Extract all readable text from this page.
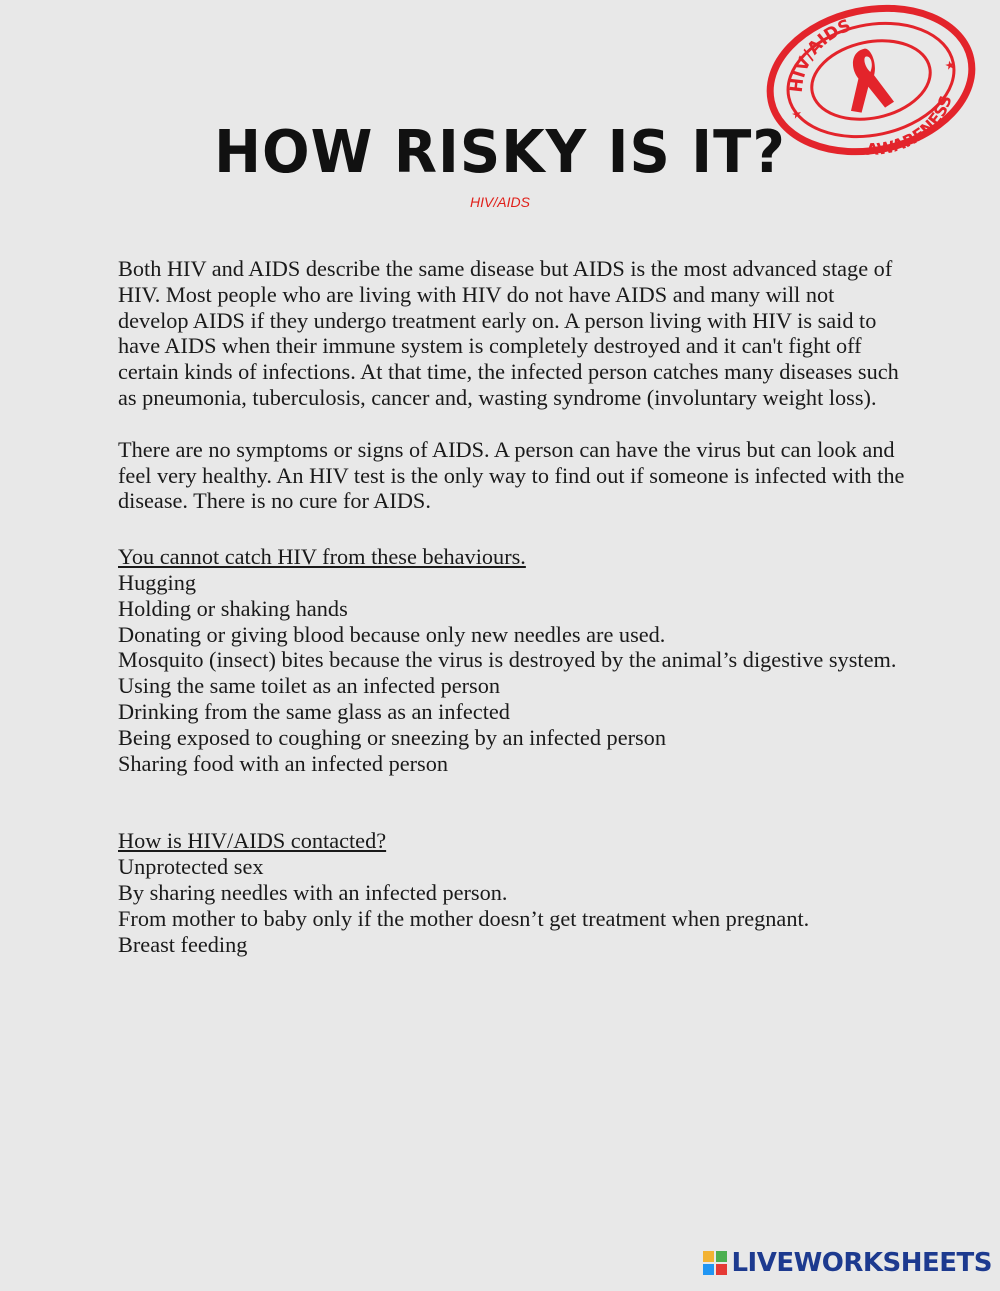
HIV/AIDS
AWARENESS
★
★
HOW RISKY IS IT?
HIV/AIDS

Both HIV and AIDS describe the same disease but AIDS is the most advanced stage of HIV. Most people who are living with HIV do not have AIDS and many will not develop AIDS if they undergo treatment early on. A person living with HIV is said to have AIDS when their immune system is completely destroyed and it can't fight off certain kinds of infections. At that time, the infected person catches many diseases such as pneumonia, tuberculosis, cancer and, wasting syndrome (involuntary weight loss).

There are no symptoms or signs of AIDS. A person can have the virus but can look and feel very healthy. An HIV test is the only way to find out if someone is infected with the disease. There is no cure for AIDS.

You cannot catch HIV from these behaviours.

Hugging

Holding or shaking hands

Donating or giving blood because only new needles are used.

Mosquito (insect) bites because the virus is destroyed by the animal’s digestive system.

Using the same toilet as an infected person

Drinking from the same glass as an infected

Being exposed to coughing or sneezing by an infected person

Sharing food with an infected person

How is HIV/AIDS contacted?

Unprotected sex

By sharing needles with an infected person.

From mother to baby only if the mother doesn’t get treatment when pregnant.

Breast feeding

LIVEWORKSHEETS
